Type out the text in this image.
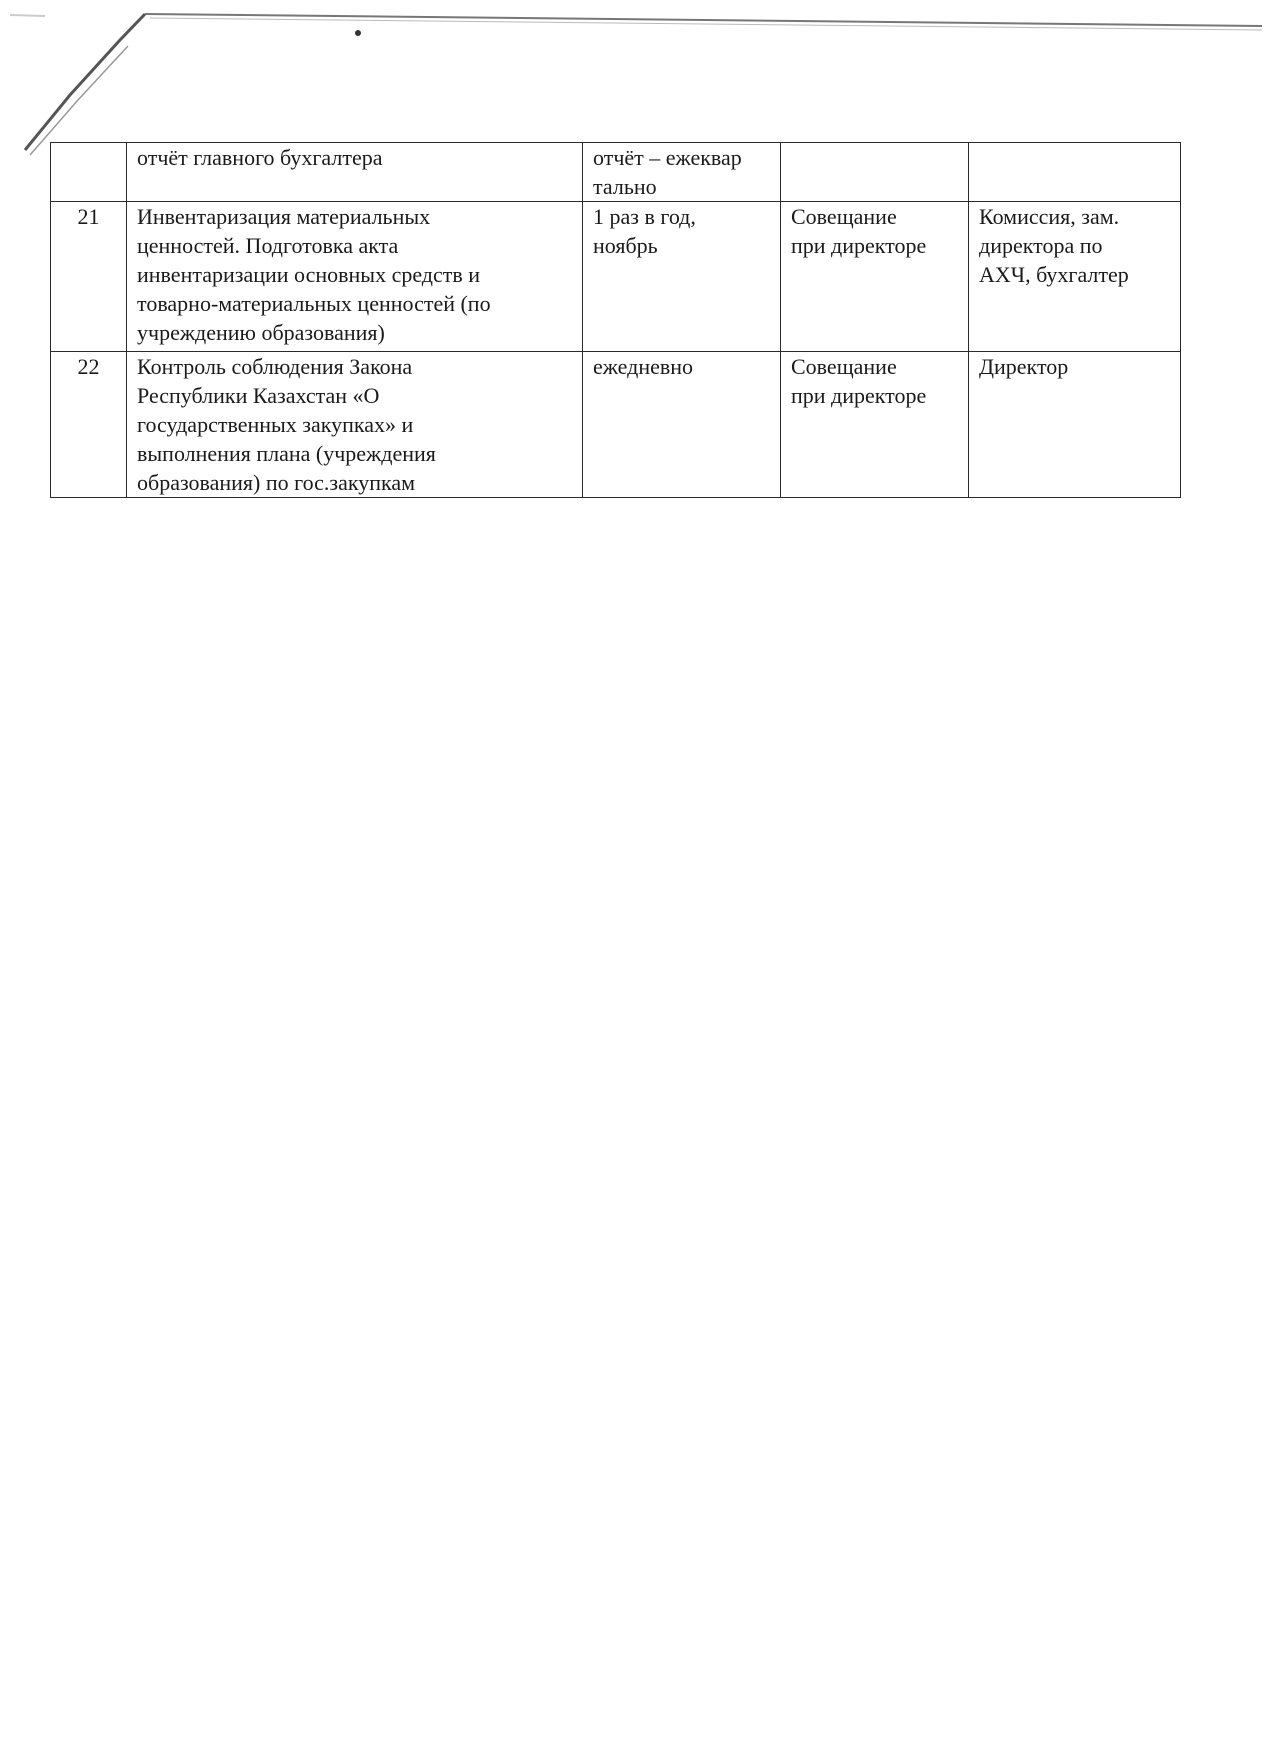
	отчёт главного бухгалтера	отчёт – ежеквар
тально		

21	Инвентаризация материальных
ценностей. Подготовка акта
инвентаризации основных средств и
товарно-материальных ценностей (по
учреждению образования)	1 раз в год,
ноябрь	Совещание
при директоре	Комиссия, зам.
директора по
АХЧ, бухгалтер

22	Контроль соблюдения Закона
Республики Казахстан «О
государственных закупках» и
выполнения плана (учреждения
образования) по гос.закупкам	ежедневно	Совещание
при директоре	Директор
